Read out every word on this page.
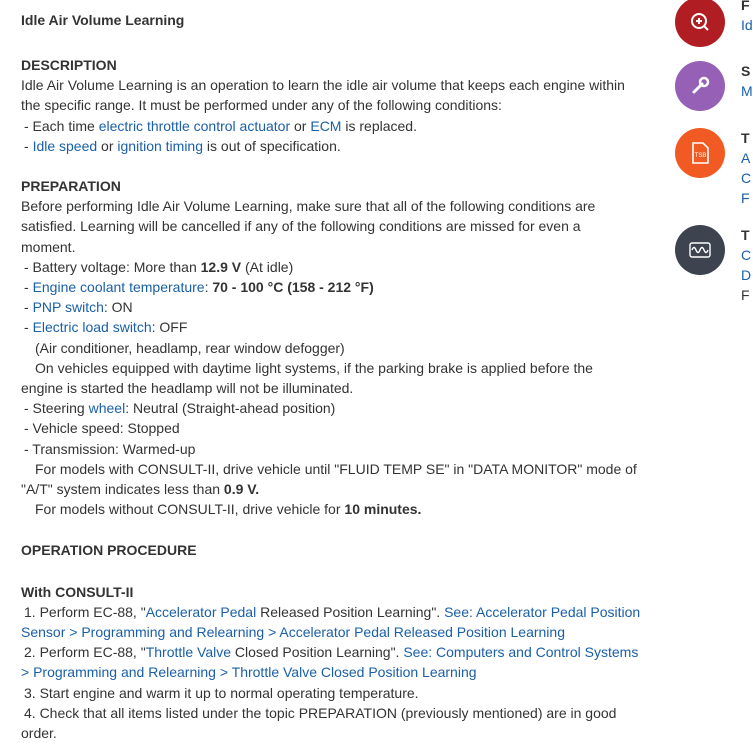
Idle Air Volume Learning
DESCRIPTION
Idle Air Volume Learning is an operation to learn the idle air volume that keeps each engine within
the specific range. It must be performed under any of the following conditions:
- Each time electric throttle control actuator or ECM is replaced.
- Idle speed or ignition timing is out of specification.
PREPARATION
Before performing Idle Air Volume Learning, make sure that all of the following conditions are
satisfied. Learning will be cancelled if any of the following conditions are missed for even a
moment.
- Battery voltage: More than 12.9 V (At idle)
- Engine coolant temperature: 70 - 100 °C (158 - 212 °F)
- PNP switch: ON
- Electric load switch: OFF
(Air conditioner, headlamp, rear window defogger)
On vehicles equipped with daytime light systems, if the parking brake is applied before the
engine is started the headlamp will not be illuminated.
- Steering wheel: Neutral (Straight-ahead position)
- Vehicle speed: Stopped
- Transmission: Warmed-up
For models with CONSULT-II, drive vehicle until "FLUID TEMP SE" in "DATA MONITOR" mode of
"A/T" system indicates less than 0.9 V.
For models without CONSULT-II, drive vehicle for 10 minutes.
OPERATION PROCEDURE
With CONSULT-II
1. Perform EC-88, "Accelerator Pedal Released Position Learning". See: Accelerator Pedal Position
Sensor > Programming and Relearning > Accelerator Pedal Released Position Learning
2. Perform EC-88, "Throttle Valve Closed Position Learning". See: Computers and Control Systems
> Programming and Relearning > Throttle Valve Closed Position Learning
3. Start engine and warm it up to normal operating temperature.
4. Check that all items listed under the topic PREPARATION (previously mentioned) are in good
order.
F
Id
S
M
TSB
T
A
C
F
T
C
D
F
